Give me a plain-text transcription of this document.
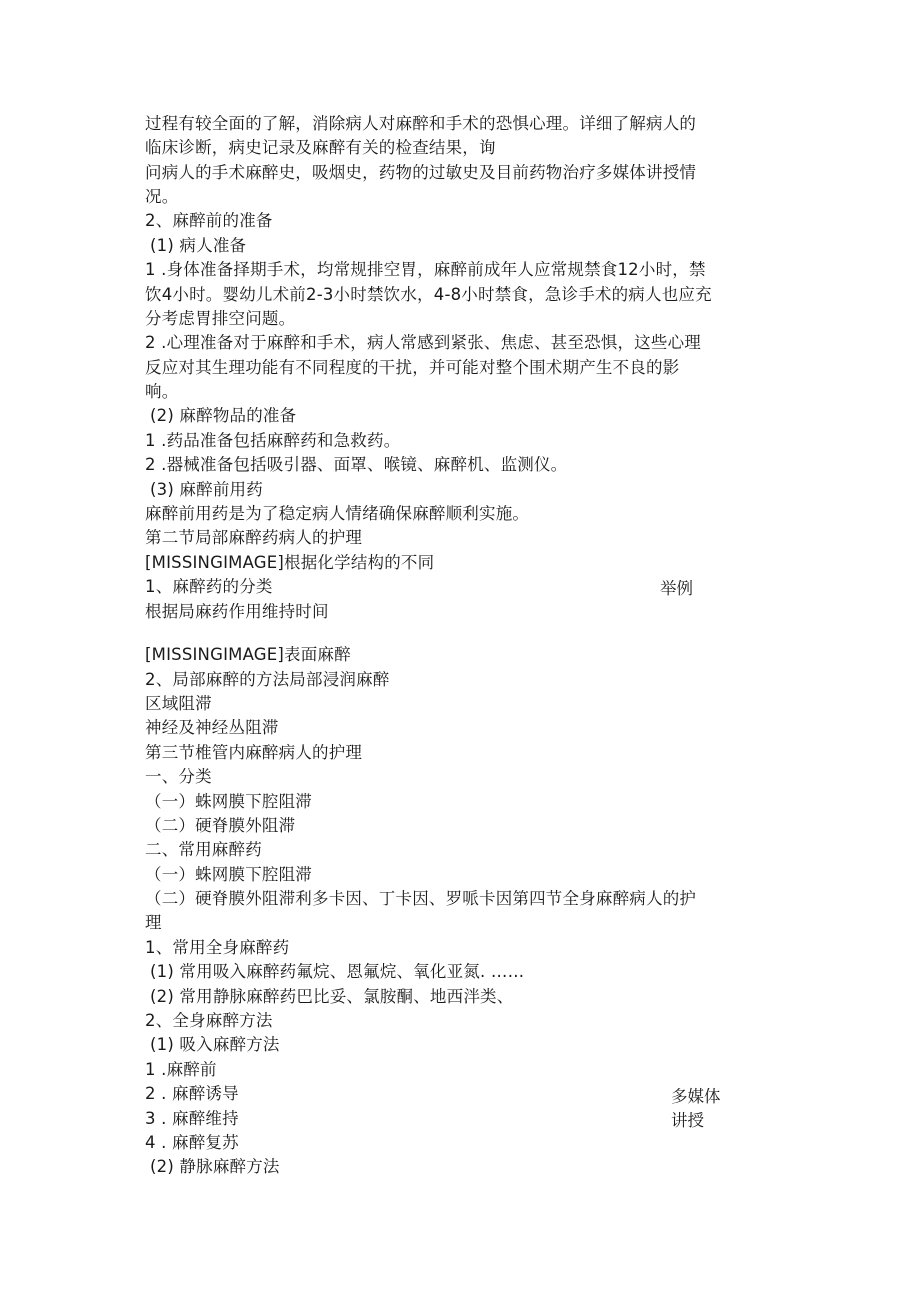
过程有较全面的了解，消除病人对麻醉和手术的恐惧心理。详细了解病人的
临床诊断，病史记录及麻醉有关的检查结果，询
问病人的手术麻醉史，吸烟史，药物的过敏史及目前药物治疗多媒体讲授情
况。
2、麻醉前的准备
(1) 病人准备
1 .身体准备择期手术，均常规排空胃，麻醉前成年人应常规禁食12小时，禁
饮4小时。婴幼儿术前2-3小时禁饮水，4-8小时禁食，急诊手术的病人也应充
分考虑胃排空问题。
2 .心理准备对于麻醉和手术，病人常感到紧张、焦虑、甚至恐惧，这些心理
反应对其生理功能有不同程度的干扰，并可能对整个围术期产生不良的影
响。
(2) 麻醉物品的准备
1 .药品准备包括麻醉药和急救药。
2 .器械准备包括吸引器、面罩、喉镜、麻醉机、监测仪。
(3) 麻醉前用药
麻醉前用药是为了稳定病人情绪确保麻醉顺利实施。
第二节局部麻醉药病人的护理
[MISSINGIMAGE]根据化学结构的不同
1、麻醉药的分类
根据局麻药作用维持时间
[MISSINGIMAGE]表面麻醉
2、局部麻醉的方法局部浸润麻醉
区域阻滞
神经及神经丛阻滞
第三节椎管内麻醉病人的护理
一、分类
（一）蛛网膜下腔阻滞
（二）硬脊膜外阻滞
二、常用麻醉药
（一）蛛网膜下腔阻滞
（二）硬脊膜外阻滞利多卡因、丁卡因、罗哌卡因第四节全身麻醉病人的护
理
1、常用全身麻醉药
(1) 常用吸入麻醉药氟烷、恩氟烷、氧化亚氮. ……
(2) 常用静脉麻醉药巴比妥、氯胺酮、地西泮类、
2、全身麻醉方法
(1) 吸入麻醉方法
1 .麻醉前
2 . 麻醉诱导
3 . 麻醉维持
4 . 麻醉复苏
(2) 静脉麻醉方法
举例
多媒体
讲授
